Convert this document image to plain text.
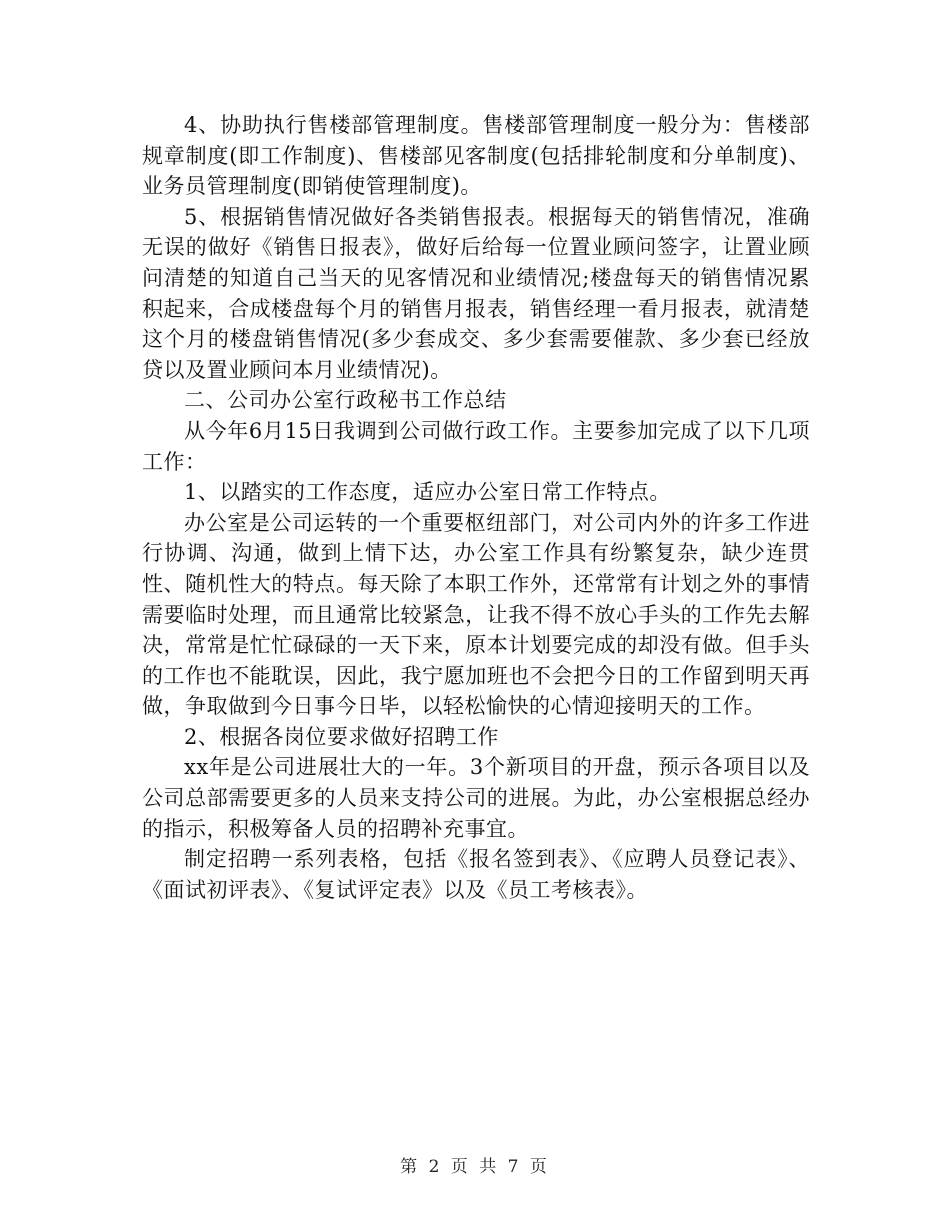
4、协助执行售楼部管理制度。售楼部管理制度一般分为：售楼部规章制度(即工作制度)、售楼部见客制度(包括排轮制度和分单制度)、业务员管理制度(即销使管理制度)。

5、根据销售情况做好各类销售报表。根据每天的销售情况，准确无误的做好《销售日报表》，做好后给每一位置业顾问签字，让置业顾问清楚的知道自己当天的见客情况和业绩情况;楼盘每天的销售情况累积起来，合成楼盘每个月的销售月报表，销售经理一看月报表，就清楚这个月的楼盘销售情况(多少套成交、多少套需要催款、多少套已经放贷以及置业顾问本月业绩情况)。

二、公司办公室行政秘书工作总结

从今年6月15日我调到公司做行政工作。主要参加完成了以下几项工作：

1、以踏实的工作态度，适应办公室日常工作特点。

办公室是公司运转的一个重要枢纽部门，对公司内外的许多工作进行协调、沟通，做到上情下达，办公室工作具有纷繁复杂，缺少连贯性、随机性大的特点。每天除了本职工作外，还常常有计划之外的事情需要临时处理，而且通常比较紧急，让我不得不放心手头的工作先去解决，常常是忙忙碌碌的一天下来，原本计划要完成的却没有做。但手头的工作也不能耽误，因此，我宁愿加班也不会把今日的工作留到明天再做，争取做到今日事今日毕，以轻松愉快的心情迎接明天的工作。

2、根据各岗位要求做好招聘工作

xx年是公司进展壮大的一年。3个新项目的开盘，预示各项目以及公司总部需要更多的人员来支持公司的进展。为此，办公室根据总经办的指示，积极筹备人员的招聘补充事宜。

制定招聘一系列表格，包括《报名签到表》、《应聘人员登记表》、《面试初评表》、《复试评定表》以及《员工考核表》。

第 2 页 共 7 页
